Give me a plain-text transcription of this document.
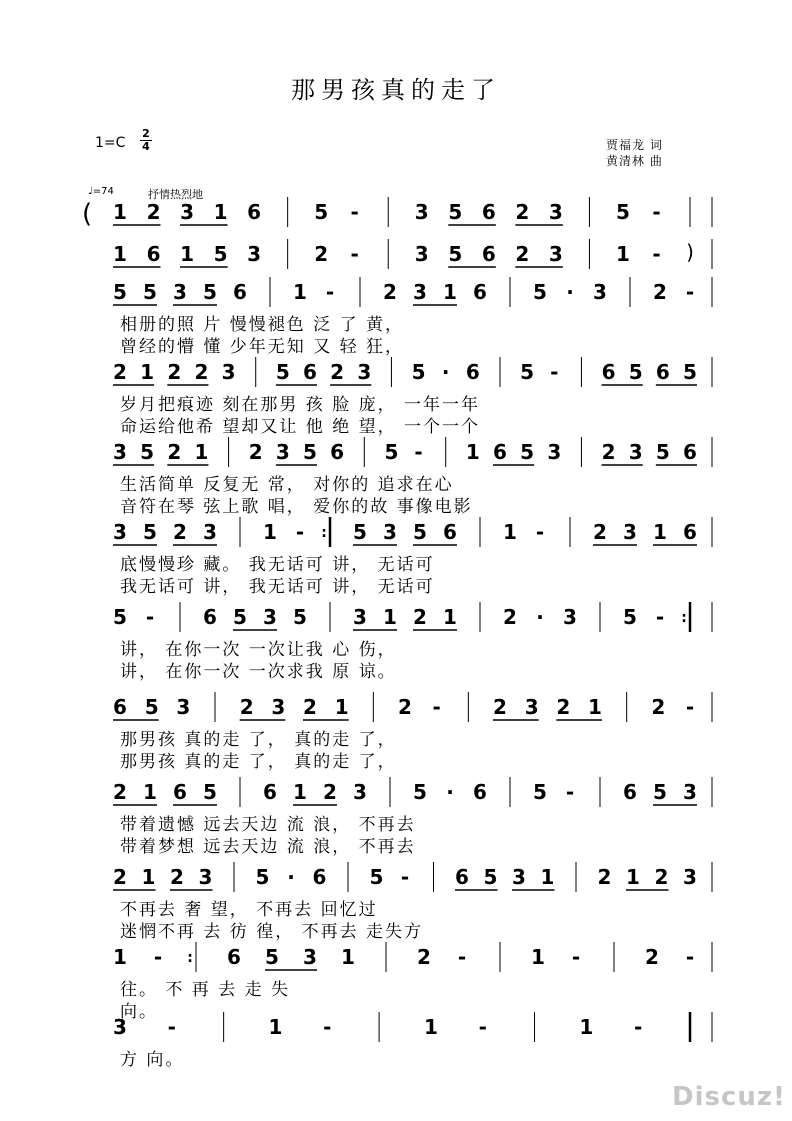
那男孩真的走了
1=C
2
4	贾福龙 词
黄清林 曲
♩=74	抒情热烈地
1 2 3 1 6	5 -	3 5 6 2 3	5 -
1 6 1 5 3	2 -	3 5 6 2 3	1 - )
5 5 3 5 6 1 - 2 3 1 6 5 · 3 2 -
相册的照 片 慢慢褪色 泛 了 黄，
曾经的懵 懂 少年无知 又 轻 狂，
2 1 2 2 3 5 6 2 3 5 · 6 5 - 6 5 6 5
岁月把痕迹 刻在那男 孩 脸 庞， 一年一年
命运给他希 望却又让 他 绝 望， 一个一个
3 5 2 1 2 3 5 6 5 - 1 6 5 3 2 3 5 6
生活简单 反复无 常， 对你的 追求在心
音符在琴 弦上歌 唱， 爱你的故 事像电影
3 5 2 3 1 - : 5 3 5 6 1 - 2 3 1 6
底慢慢珍 藏。 我无话可 讲， 无话可
我无话可 讲， 我无话可 讲， 无话可
5 - 6 5 3 5 3 1 2 1 2 · 3 5 - :
讲， 在你一次 一次让我 心 伤，
讲， 在你一次 一次求我 原 谅。
6 5 3 2 3 2 1 2 -	2 3 2 1 2 -
那男孩 真的走 了， 真的走 了，
那男孩 真的走 了， 真的走 了，
2 1 6 5 6 1 2 3 5 · 6 5 - 6 5 3
带着遗憾 远去天边 流 浪， 不再去
带着梦想 远去天边 流 浪， 不再去
2 1 2 3 5 · 6 5 - 6 5 3 1 2 1 2 3
不再去 奢 望， 不再去 回忆过
迷惘不再 去 彷 徨， 不再去 走失方
1 - : 6 5 3 1	2 -	1 -	2 -
往。 不 再 去 走 失
向。
3 -	1 -	1 -	1 -
方 向。
(
Discuz!
